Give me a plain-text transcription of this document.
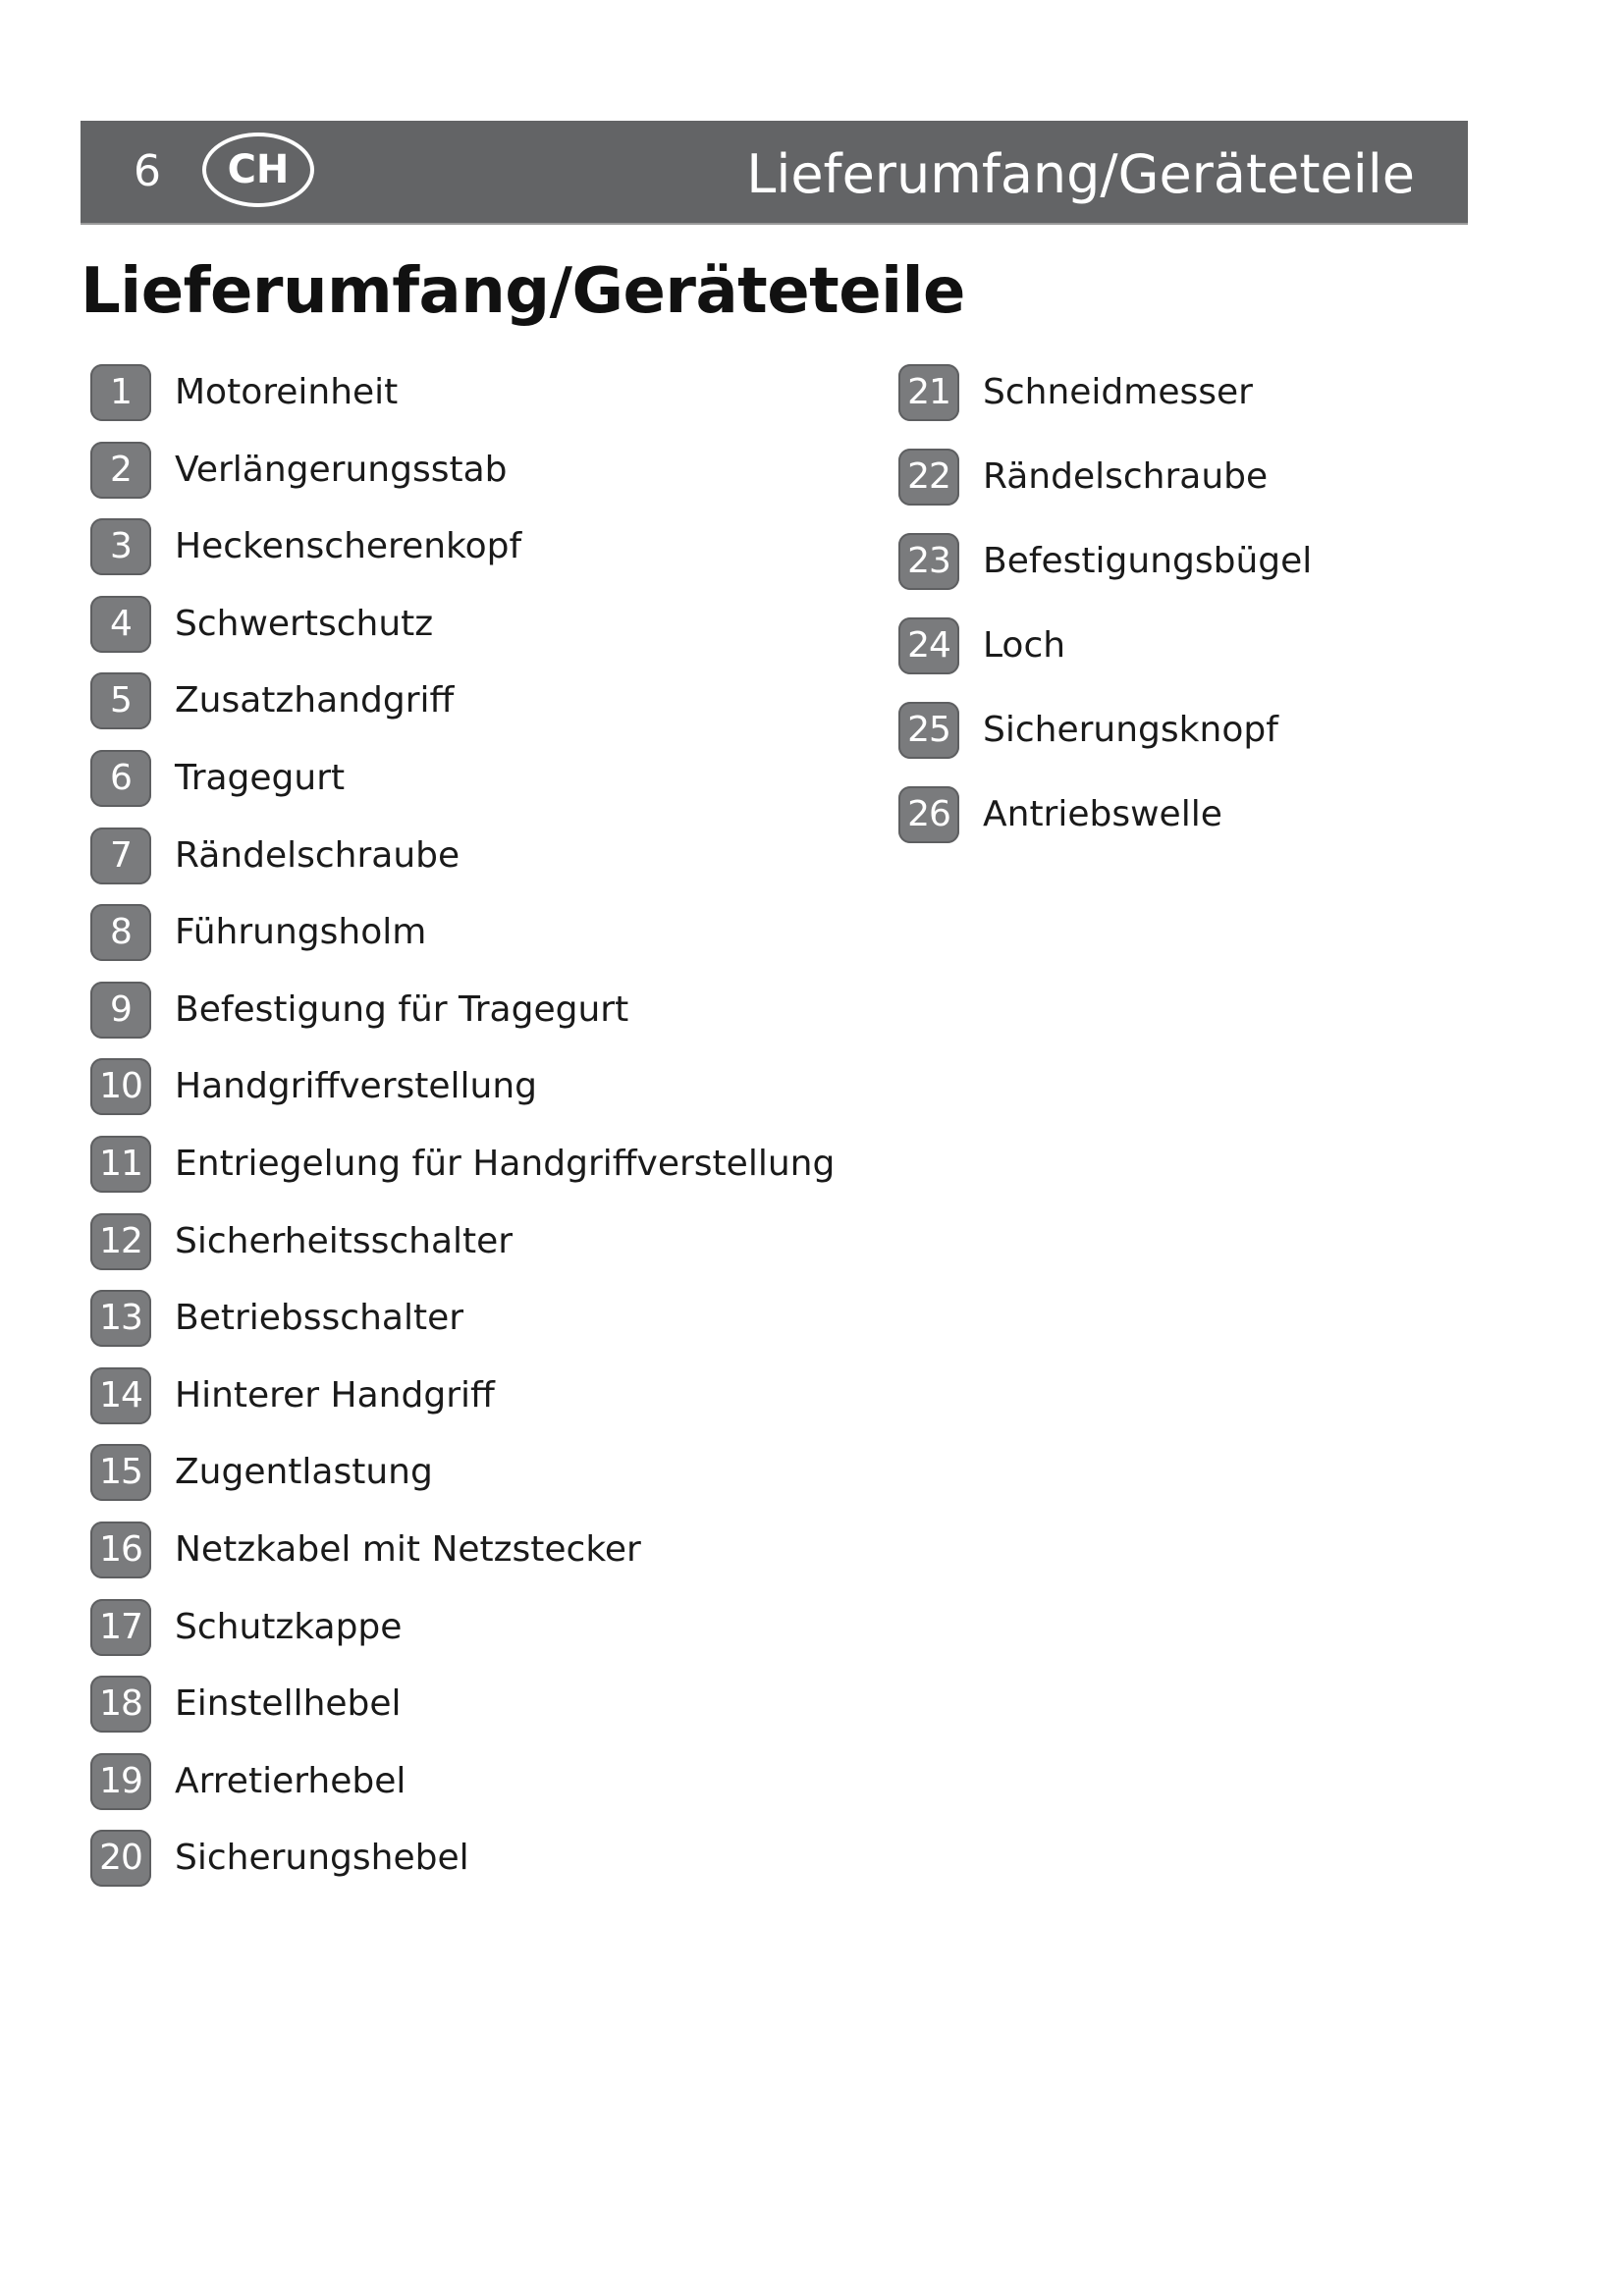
6	CH	Lieferumfang/Geräteteile
Lieferumfang/Geräteteile
1	Motoreinheit
2	Verlängerungsstab
3	Heckenscherenkopf
4	Schwertschutz
5	Zusatzhandgriff
6	Tragegurt
7	Rändelschraube
8	Führungsholm
9	Befestigung für Tragegurt
10 Handgriffverstellung
11 Entriegelung für Handgriffverstellung
12 Sicherheitsschalter
13 Betriebsschalter
14 Hinterer Handgriff
15 Zugentlastung
16 Netzkabel mit Netzstecker
17 Schutzkappe
18 Einstellhebel
19 Arretierhebel
20 Sicherungshebel
21 Schneidmesser
22 Rändelschraube
23 Befestigungsbügel
24 Loch
25 Sicherungsknopf
26 Antriebswelle
